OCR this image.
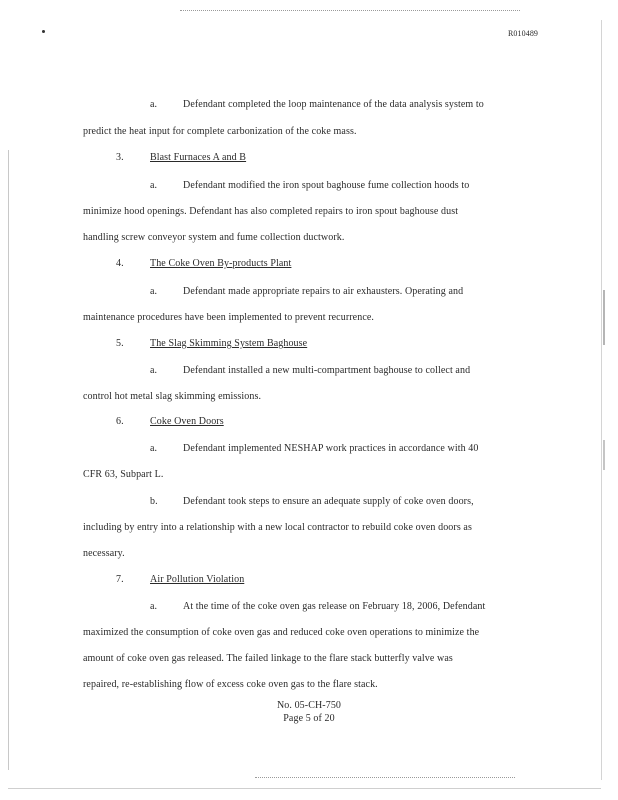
R010489
a.	Defendant completed the loop maintenance of the data analysis system to
predict the heat input for complete carbonization of the coke mass.
3.	Blast Furnaces A and B
a.	Defendant modified the iron spout baghouse fume collection hoods to
minimize hood openings. Defendant has also completed repairs to iron spout baghouse dust
handling screw conveyor system and fume collection ductwork.
4.	The Coke Oven By-products Plant
a.	Defendant made appropriate repairs to air exhausters. Operating and
maintenance procedures have been implemented to prevent recurrence.
5.	The Slag Skimming System Baghouse
a.	Defendant installed a new multi-compartment baghouse to collect and
control hot metal slag skimming emissions.
6.	Coke Oven Doors
a.	Defendant implemented NESHAP work practices in accordance with 40
CFR 63, Subpart L.
b.	Defendant took steps to ensure an adequate supply of coke oven doors,
including by entry into a relationship with a new local contractor to rebuild coke oven doors as
necessary.
7.	Air Pollution Violation
a.	At the time of the coke oven gas release on February 18, 2006, Defendant
maximized the consumption of coke oven gas and reduced coke oven operations to minimize the
amount of coke oven gas released. The failed linkage to the flare stack butterfly valve was
repaired, re-establishing flow of excess coke oven gas to the flare stack.
No. 05-CH-750
Page 5 of 20
